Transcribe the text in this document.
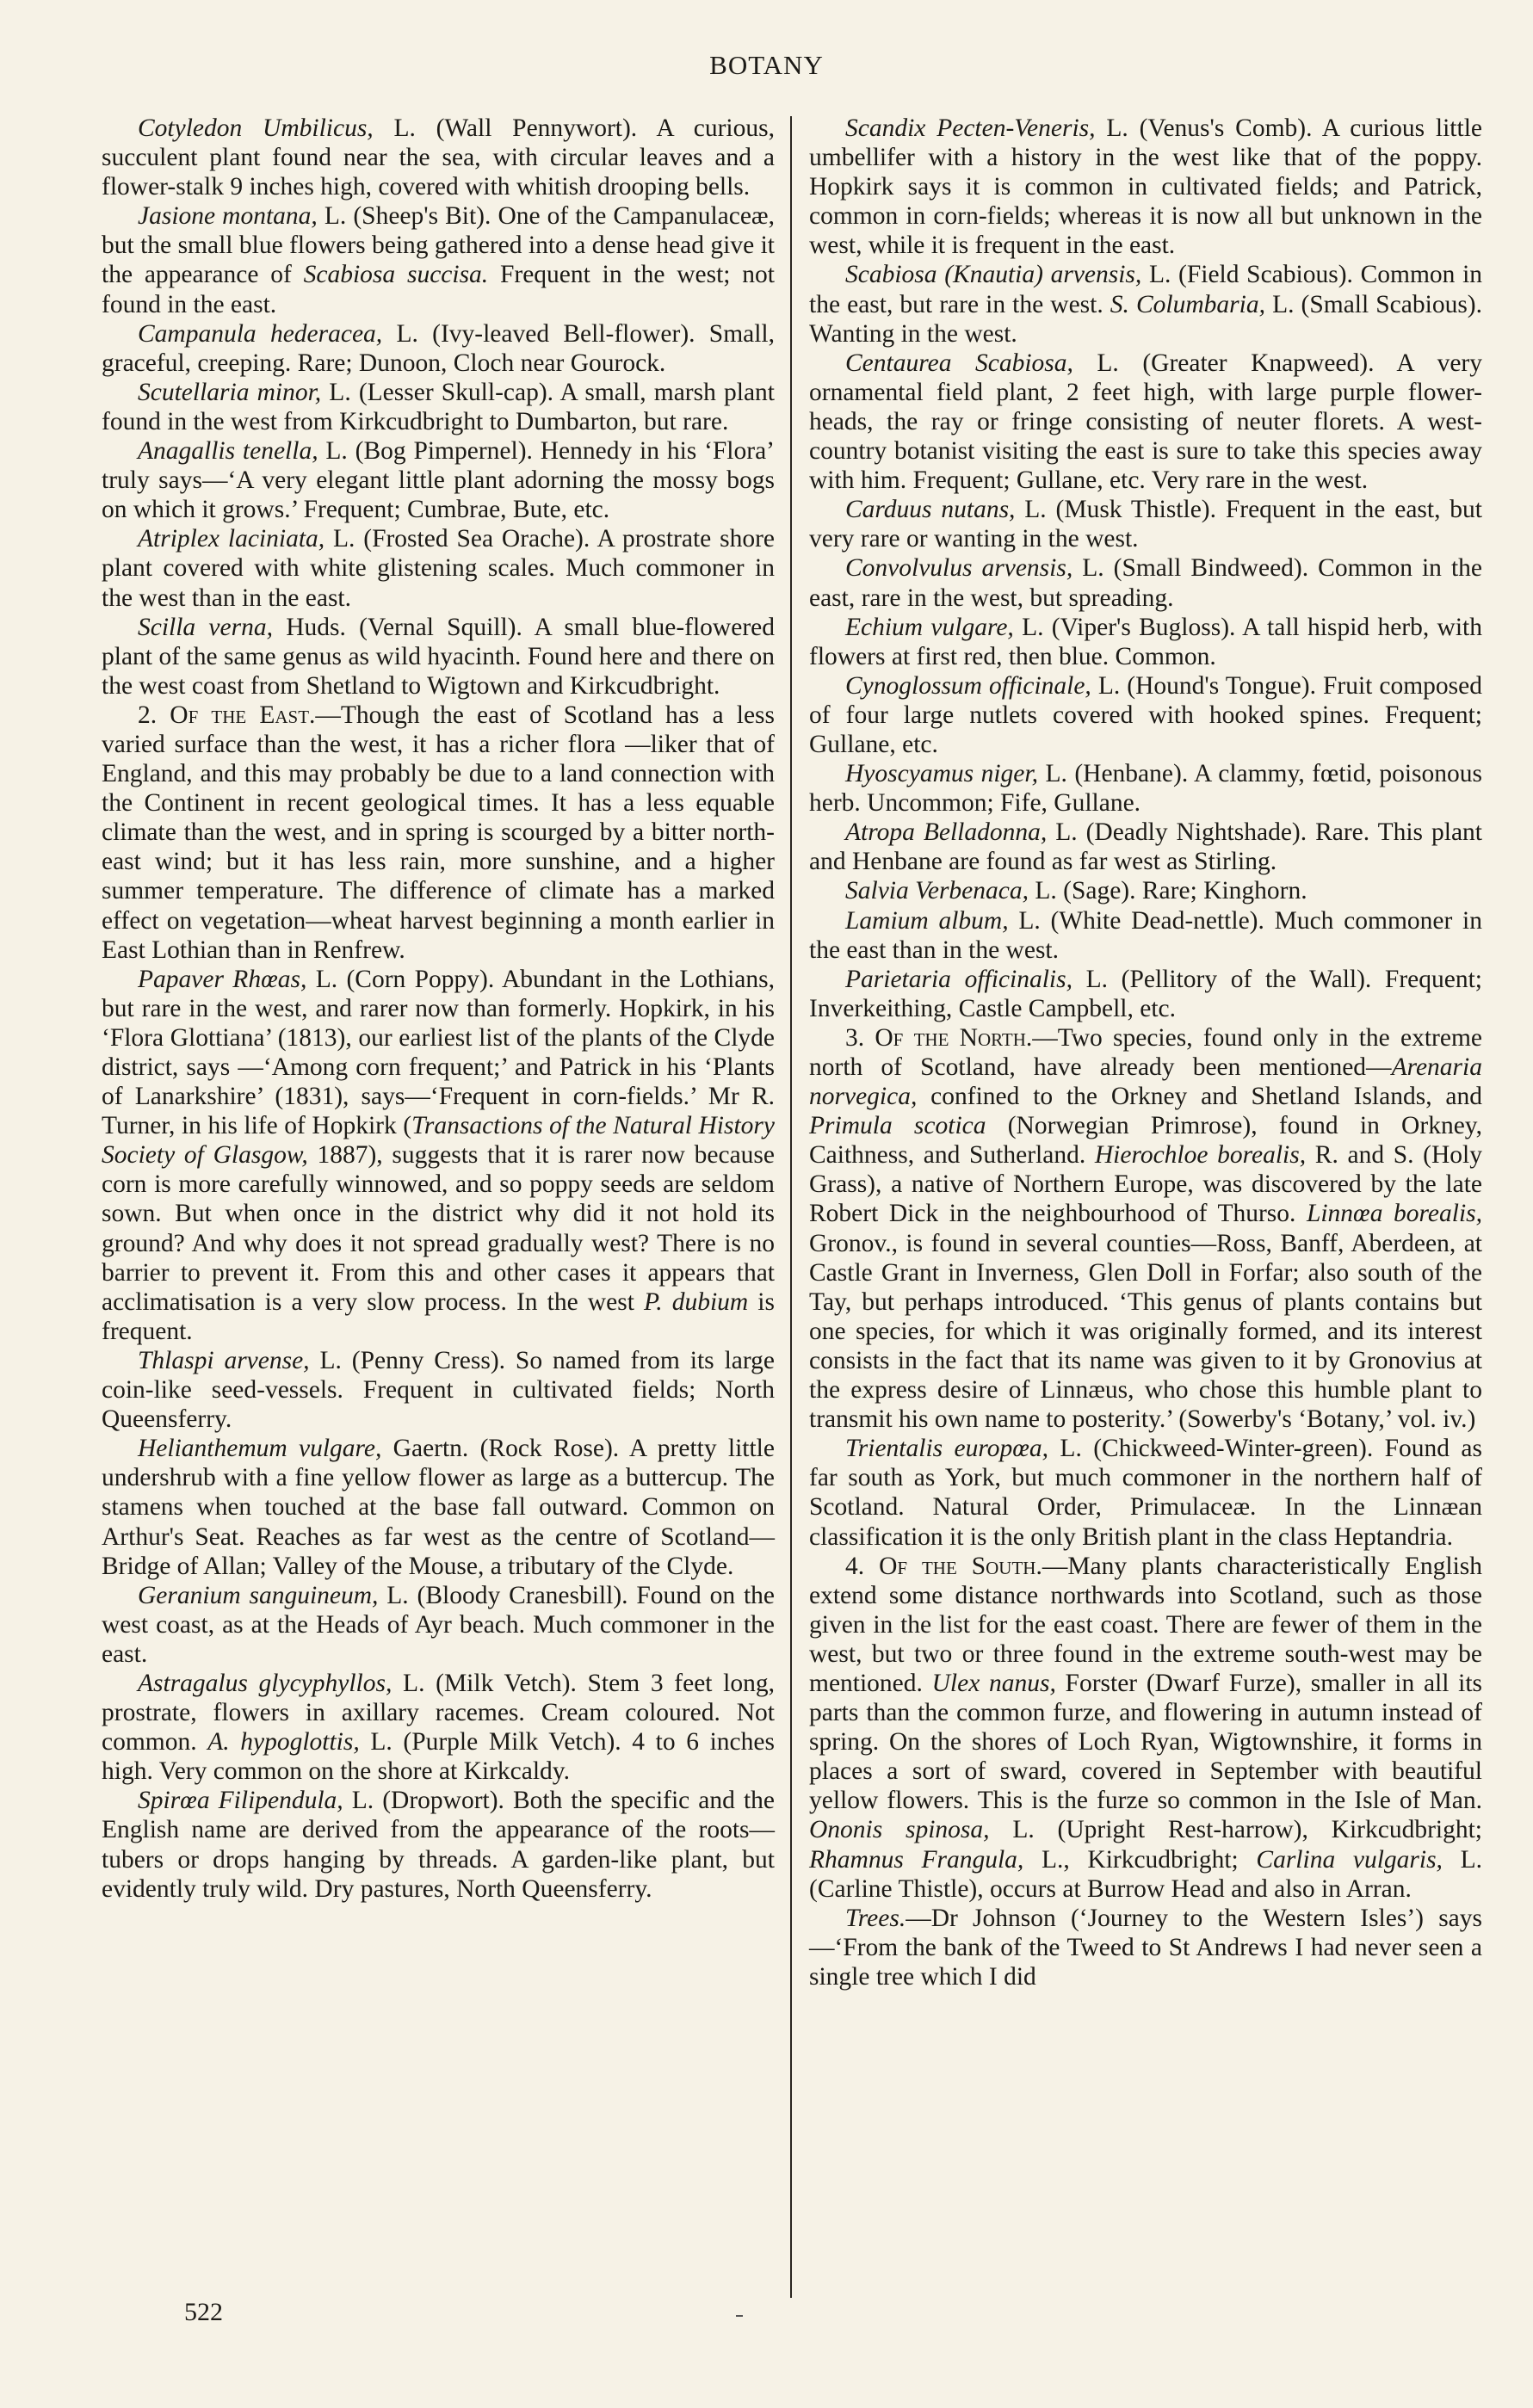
BOTANY

Cotyledon Umbilicus, L. (Wall Pennywort). A curious, succulent plant found near the sea, with circular leaves and a flower-stalk 9 inches high, covered with whitish drooping bells.

Jasione montana, L. (Sheep's Bit). One of the Campanulaceæ, but the small blue flowers being gathered into a dense head give it the appearance of Scabiosa succisa. Frequent in the west; not found in the east.

Campanula hederacea, L. (Ivy-leaved Bell-flower). Small, graceful, creeping. Rare; Dunoon, Cloch near Gourock.

Scutellaria minor, L. (Lesser Skull-cap). A small, marsh plant found in the west from Kirkcudbright to Dumbarton, but rare.

Anagallis tenella, L. (Bog Pimpernel). Hennedy in his ‘Flora’ truly says—‘A very elegant little plant adorning the mossy bogs on which it grows.’ Frequent; Cumbrae, Bute, etc.

Atriplex laciniata, L. (Frosted Sea Orache). A prostrate shore plant covered with white glistening scales. Much commoner in the west than in the east.

Scilla verna, Huds. (Vernal Squill). A small blue-flowered plant of the same genus as wild hyacinth. Found here and there on the west coast from Shetland to Wigtown and Kirkcudbright.

2. Of the East.—Though the east of Scotland has a less varied surface than the west, it has a richer flora —liker that of England, and this may probably be due to a land connection with the Continent in recent geological times. It has a less equable climate than the west, and in spring is scourged by a bitter north-east wind; but it has less rain, more sunshine, and a higher summer temperature. The difference of climate has a marked effect on vegetation—wheat harvest beginning a month earlier in East Lothian than in Renfrew.

Papaver Rhœas, L. (Corn Poppy). Abundant in the Lothians, but rare in the west, and rarer now than formerly. Hopkirk, in his ‘Flora Glottiana’ (1813), our earliest list of the plants of the Clyde district, says —‘Among corn frequent;’ and Patrick in his ‘Plants of Lanarkshire’ (1831), says—‘Frequent in corn-fields.’ Mr R. Turner, in his life of Hopkirk (Transactions of the Natural History Society of Glasgow, 1887), suggests that it is rarer now because corn is more carefully winnowed, and so poppy seeds are seldom sown. But when once in the district why did it not hold its ground? And why does it not spread gradually west? There is no barrier to prevent it. From this and other cases it appears that acclimatisation is a very slow process. In the west P. dubium is frequent.

Thlaspi arvense, L. (Penny Cress). So named from its large coin-like seed-vessels. Frequent in cultivated fields; North Queensferry.

Helianthemum vulgare, Gaertn. (Rock Rose). A pretty little undershrub with a fine yellow flower as large as a buttercup. The stamens when touched at the base fall outward. Common on Arthur's Seat. Reaches as far west as the centre of Scotland—Bridge of Allan; Valley of the Mouse, a tributary of the Clyde.

Geranium sanguineum, L. (Bloody Cranesbill). Found on the west coast, as at the Heads of Ayr beach. Much commoner in the east.

Astragalus glycyphyllos, L. (Milk Vetch). Stem 3 feet long, prostrate, flowers in axillary racemes. Cream coloured. Not common. A. hypoglottis, L. (Purple Milk Vetch). 4 to 6 inches high. Very common on the shore at Kirkcaldy.

Spirœa Filipendula, L. (Dropwort). Both the specific and the English name are derived from the appearance of the roots—tubers or drops hanging by threads. A garden-like plant, but evidently truly wild. Dry pastures, North Queensferry.

Scandix Pecten-Veneris, L. (Venus's Comb). A curious little umbellifer with a history in the west like that of the poppy. Hopkirk says it is common in cultivated fields; and Patrick, common in corn-fields; whereas it is now all but unknown in the west, while it is frequent in the east.

Scabiosa (Knautia) arvensis, L. (Field Scabious). Common in the east, but rare in the west. S. Columbaria, L. (Small Scabious). Wanting in the west.

Centaurea Scabiosa, L. (Greater Knapweed). A very ornamental field plant, 2 feet high, with large purple flower-heads, the ray or fringe consisting of neuter florets. A west-country botanist visiting the east is sure to take this species away with him. Frequent; Gullane, etc. Very rare in the west.

Carduus nutans, L. (Musk Thistle). Frequent in the east, but very rare or wanting in the west.

Convolvulus arvensis, L. (Small Bindweed). Common in the east, rare in the west, but spreading.

Echium vulgare, L. (Viper's Bugloss). A tall hispid herb, with flowers at first red, then blue. Common.

Cynoglossum officinale, L. (Hound's Tongue). Fruit composed of four large nutlets covered with hooked spines. Frequent; Gullane, etc.

Hyoscyamus niger, L. (Henbane). A clammy, fœtid, poisonous herb. Uncommon; Fife, Gullane.

Atropa Belladonna, L. (Deadly Nightshade). Rare. This plant and Henbane are found as far west as Stirling.

Salvia Verbenaca, L. (Sage). Rare; Kinghorn.

Lamium album, L. (White Dead-nettle). Much commoner in the east than in the west.

Parietaria officinalis, L. (Pellitory of the Wall). Frequent; Inverkeithing, Castle Campbell, etc.

3. Of the North.—Two species, found only in the extreme north of Scotland, have already been mentioned—Arenaria norvegica, confined to the Orkney and Shetland Islands, and Primula scotica (Norwegian Primrose), found in Orkney, Caithness, and Sutherland. Hierochloe borealis, R. and S. (Holy Grass), a native of Northern Europe, was discovered by the late Robert Dick in the neighbourhood of Thurso. Linnœa borealis, Gronov., is found in several counties—Ross, Banff, Aberdeen, at Castle Grant in Inverness, Glen Doll in Forfar; also south of the Tay, but perhaps introduced. ‘This genus of plants contains but one species, for which it was originally formed, and its interest consists in the fact that its name was given to it by Gronovius at the express desire of Linnæus, who chose this humble plant to transmit his own name to posterity.’ (Sowerby's ‘Botany,’ vol. iv.)

Trientalis europœa, L. (Chickweed-Winter-green). Found as far south as York, but much commoner in the northern half of Scotland. Natural Order, Primulaceæ. In the Linnæan classification it is the only British plant in the class Heptandria.

4. Of the South.—Many plants characteristically English extend some distance northwards into Scotland, such as those given in the list for the east coast. There are fewer of them in the west, but two or three found in the extreme south-west may be mentioned. Ulex nanus, Forster (Dwarf Furze), smaller in all its parts than the common furze, and flowering in autumn instead of spring. On the shores of Loch Ryan, Wigtownshire, it forms in places a sort of sward, covered in September with beautiful yellow flowers. This is the furze so common in the Isle of Man. Ononis spinosa, L. (Upright Rest-harrow), Kirkcudbright; Rhamnus Frangula, L., Kirkcudbright; Carlina vulgaris, L. (Carline Thistle), occurs at Burrow Head and also in Arran.

Trees.—Dr Johnson (‘Journey to the Western Isles’) says—‘From the bank of the Tweed to St Andrews I had never seen a single tree which I did

522
